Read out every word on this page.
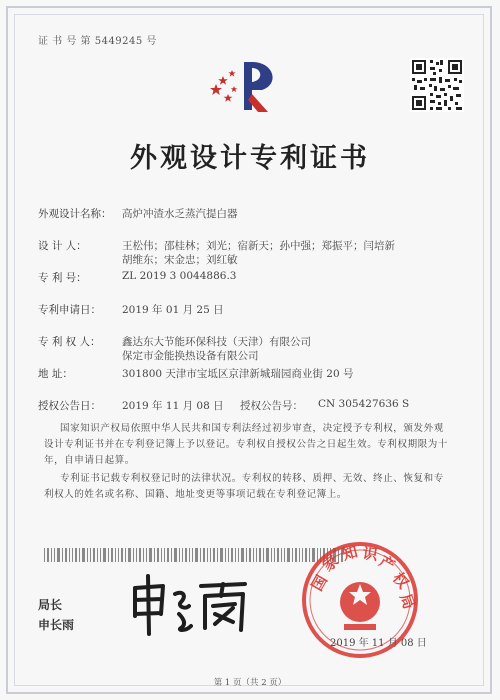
证 书 号 第 5449245 号
外观设计专利证书
外观设计名称： 高炉冲渣水乏蒸汽提白器
设 计 人：	王松伟；邵桂林；刘光；宿新天；孙中强；郑振平；闫培新
胡维东；宋金忠；刘红敏
专 利 号：	ZL 2019 3 0044886.3
专利申请日： 2019 年 01 月 25 日
专 利 权 人： 鑫达东大节能环保科技（天津）有限公司
保定市金能换热设备有限公司
地 址：	301800 天津市宝坻区京津新城瑞园商业街 20 号
授权公告日： 2019 年 11 月 08 日 授权公告号： CN 305427636 S
国家知识产权局依照中华人民共和国专利法经过初步审查，决定授予专利权，颁发外观
设计专利证书并在专利登记簿上予以登记。专利权自授权公告之日起生效。专利权期限为十
年，自申请日起算。
专利证书记载专利权登记时的法律状况。专利权的转移、质押、无效、终止、恢复和专
利权人的姓名或名称、国籍、地址变更等事项记载在专利登记簿上。
局长
申长雨
国
家
知 识
产
权
局
2019 年 11 月 08 日
第 1 页（共 2 页）
